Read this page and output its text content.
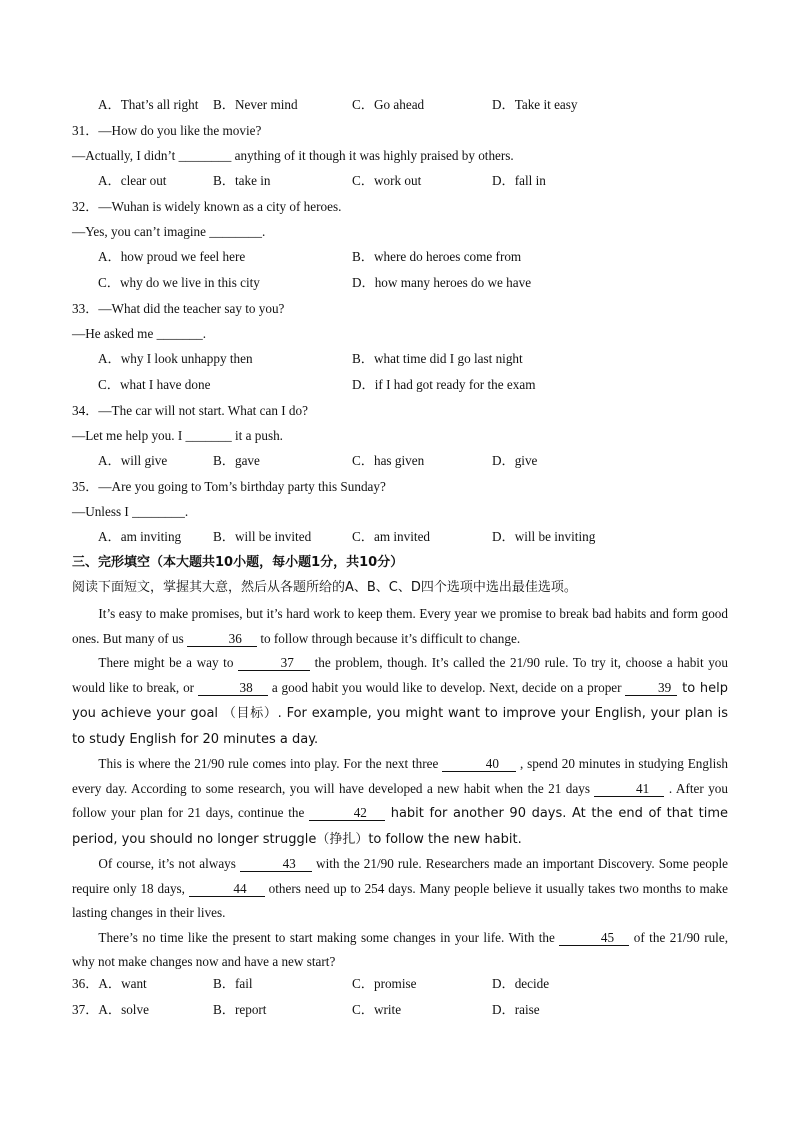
A．That’s all right B．Never mind	C．Go ahead	D．Take it easy
31．—How do you like the movie?
—Actually, I didn’t ________ anything of it though it was highly praised by others.
A．clear out	B．take in	C．work out	D．fall in
32．—Wuhan is widely known as a city of heroes.
—Yes, you can’t imagine ________.
A．how proud we feel here	B．where do heroes come from
C．why do we live in this city	D．how many heroes do we have
33．—What did the teacher say to you?
—He asked me _______.
A．why I look unhappy then	B．what time did I go last night
C．what I have done	D．if I had got ready for the exam
34．—The car will not start. What can I do?
—Let me help you. I _______ it a push.
A．will give	B．gave	C．has given	D．give
35．—Are you going to Tom’s birthday party this Sunday?
—Unless I ________.
A．am inviting B．will be invited	C．am invited	D．will be inviting
三、完形填空（本大题共10小题，每小题1分，共10分）
阅读下面短文，掌握其大意，然后从各题所给的A、B、C、D四个选项中选出最佳选项。

It’s easy to make promises, but it’s hard work to keep them. Every year we promise to break bad habits and form good ones. But many of us	36 to follow through because it’s difficult to change.

There might be a way to	37 the problem, though. It’s called the 21/90 rule. To try it, choose a habit you would like to break, or	38 a good habit you would like to develop. Next, decide on a proper 39 to help you achieve your goal （目标）. For example, you might want to improve your English, your plan is to study English for 20 minutes a day.

This is where the 21/90 rule comes into play. For the next three	40 , spend 20 minutes in studying English every day. According to some research, you will have developed a new habit when the 21 days	41 . After you follow your plan for 21 days, continue the	42 habit for another 90 days. At the end of that time period, you should no longer struggle（挣扎）to follow the new habit.

Of course, it’s not always	43 with the 21/90 rule. Researchers made an important Discovery. Some people require only 18 days,	44 others need up to 254 days. Many people believe it usually takes two months to make lasting changes in their lives.

There’s no time like the present to start making some changes in your life. With the	45 of the 21/90 rule, why not make changes now and have a new start?

36．A．want	B．fail	C．promise	D．decide
37．A．solve	B．report	C．write	D．raise
